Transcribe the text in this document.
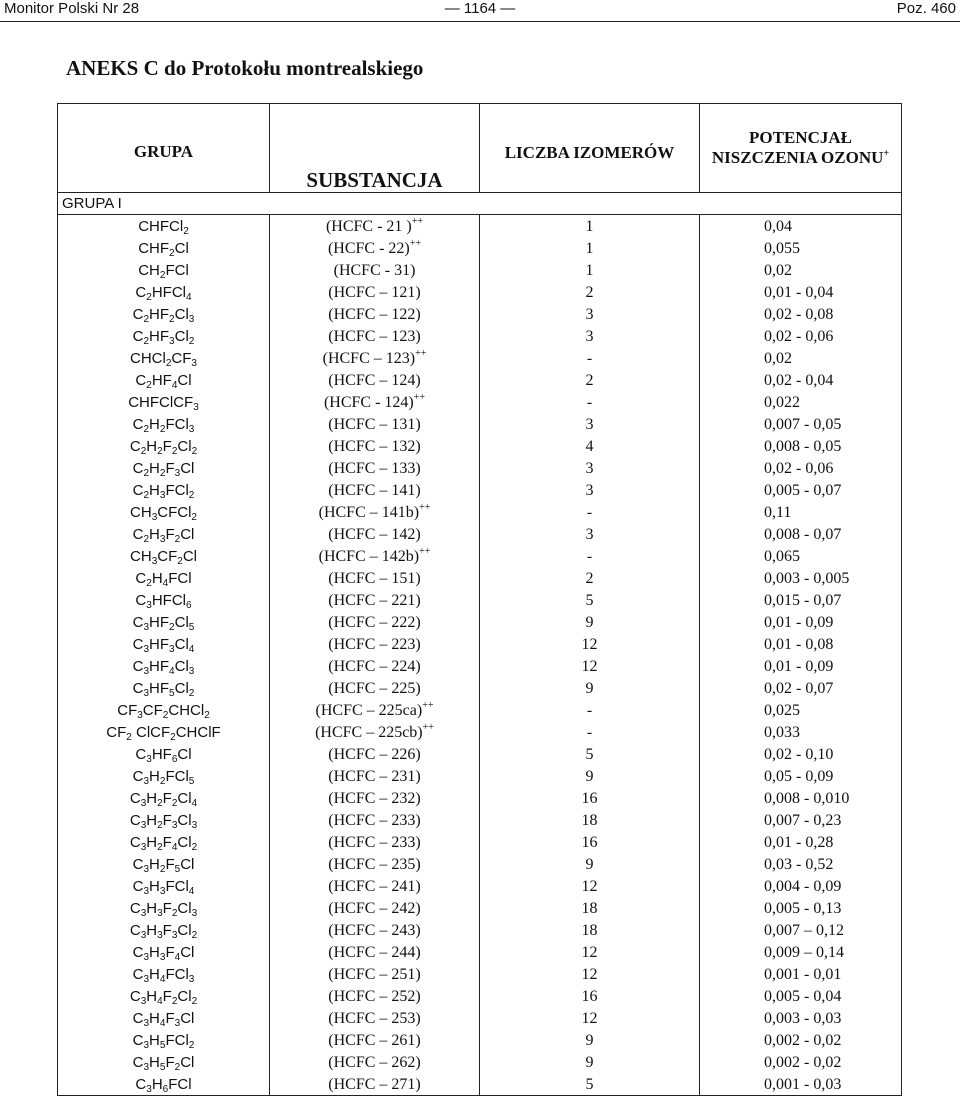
Monitor Polski Nr 28	— 1164 —	Poz. 460
ANEKS C do Protokołu montrealskiego
GRUPA	SUBSTANCJA	LICZBA IZOMERÓW	POTENCJAŁ
NISZCZENIA OZONU+

GRUPA I			
CHFCl$_2$	(HCFC - 21 )++	1	0,04
$CHF_2Cl$	(HCFC - 22)++	1	0,055
$CH_2FCl$	(HCFC - 31)	1	0,02
$C_2HFCl_4$	(HCFC – 121)	2	0,01 - 0,04
$C_2HF_2Cl_3$	(HCFC – 122)	3	0,02 - 0,08
$C_2HF_3Cl_2$	(HCFC – 123)	3	0,02 - 0,06
$CHCl_2CF_3$	(HCFC – 123)++	-	0,02
$C_2HF_4Cl$	(HCFC – 124)	2	0,02 - 0,04
CHFClCF$_3$	(HCFC - 124)++	-	0,022
$C_2H_2FCl_3$	(HCFC – 131)	3	0,007 - 0,05
$C_2H_2F_2Cl_2$	(HCFC – 132)	4	0,008 - 0,05
$C_2H_2F_3Cl$	(HCFC – 133)	3	0,02 - 0,06
$C_2H_3FCl_2$	(HCFC – 141)	3	0,005 - 0,07
$CH_3CFCl_2$	(HCFC – 141b)++	-	0,11
$C_2H_3F_2Cl$	(HCFC – 142)	3	0,008 - 0,07
$CH_3CF_2Cl$	(HCFC – 142b)++	-	0,065
$C_2H_4FCl$	(HCFC – 151)	2	0,003 - 0,005
$C_3HFCl_6$	(HCFC – 221)	5	0,015 - 0,07
$C_3HF_2Cl_5$	(HCFC – 222)	9	0,01 - 0,09
$C_3HF_3Cl_4$	(HCFC – 223)	12	0,01 - 0,08
$C_3HF_4Cl_3$	(HCFC – 224)	12	0,01 - 0,09
$C_3HF_5Cl_2$	(HCFC – 225)	9	0,02 - 0,07
$CF_3CF_2CHCl_2$	(HCFC – 225ca)++	-	0,025
$CF_2$ ClCF$_2$CHClF	(HCFC – 225cb)++	-	0,033
$C_3HF_6Cl$	(HCFC – 226)	5	0,02 - 0,10
$C_3H_2FCl_5$	(HCFC – 231)	9	0,05 - 0,09
$C_3H_2F_2Cl_4$	(HCFC – 232)	16	0,008 - 0,010
$C_3H_2F_3Cl_3$	(HCFC – 233)	18	0,007 - 0,23
$C_3H_2F_4Cl_2$	(HCFC – 233)	16	0,01 - 0,28
$C_3H_2F_5Cl$	(HCFC – 235)	9	0,03 - 0,52
$C_3H_3FCl_4$	(HCFC – 241)	12	0,004 - 0,09
$C_3H_3F_2Cl_3$	(HCFC – 242)	18	0,005 - 0,13
$C_3H_3F_3Cl_2$	(HCFC – 243)	18	0,007 – 0,12
$C_3H_3F_4Cl$	(HCFC – 244)	12	0,009 – 0,14
$C_3H_4FCl_3$	(HCFC – 251)	12	0,001 - 0,01
$C_3H_4F_2Cl_2$	(HCFC – 252)	16	0,005 - 0,04
$C_3H_4F_3Cl$	(HCFC – 253)	12	0,003 - 0,03
$C_3H_5FCl_2$	(HCFC – 261)	9	0,002 - 0,02
$C_3H_5F_2Cl$	(HCFC – 262)	9	0,002 - 0,02
$C_3H_6FCl$	(HCFC – 271)	5	0,001 - 0,03
